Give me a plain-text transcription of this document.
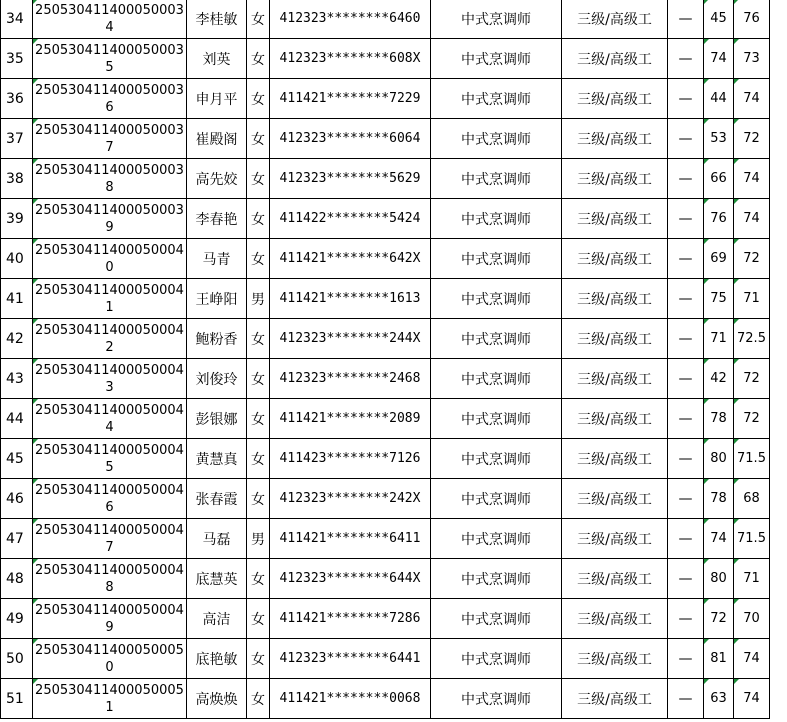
34	2505304114000500034	李桂敏	女	412323********6460	中式烹调师	三级/高级工	—	45	76
35	2505304114000500035	刘英	女	412323********608X	中式烹调师	三级/高级工	—	74	73
36	2505304114000500036	申月平	女	411421********7229	中式烹调师	三级/高级工	—	44	74
37	2505304114000500037	崔殿阁	女	412323********6064	中式烹调师	三级/高级工	—	53	72
38	2505304114000500038	高先姣	女	412323********5629	中式烹调师	三级/高级工	—	66	74
39	2505304114000500039	李春艳	女	411422********5424	中式烹调师	三级/高级工	—	76	74
40	2505304114000500040	马青	女	411421********642X	中式烹调师	三级/高级工	—	69	72
41	2505304114000500041	王峥阳	男	411421********1613	中式烹调师	三级/高级工	—	75	71
42	2505304114000500042	鲍粉香	女	412323********244X	中式烹调师	三级/高级工	—	71	72.5
43	2505304114000500043	刘俊玲	女	412323********2468	中式烹调师	三级/高级工	—	42	72
44	2505304114000500044	彭银娜	女	411421********2089	中式烹调师	三级/高级工	—	78	72
45	2505304114000500045	黄慧真	女	411423********7126	中式烹调师	三级/高级工	—	80	71.5
46	2505304114000500046	张春霞	女	412323********242X	中式烹调师	三级/高级工	—	78	68
47	2505304114000500047	马磊	男	411421********6411	中式烹调师	三级/高级工	—	74	71.5
48	2505304114000500048	底慧英	女	412323********644X	中式烹调师	三级/高级工	—	80	71
49	2505304114000500049	高洁	女	411421********7286	中式烹调师	三级/高级工	—	72	70
50	2505304114000500050	底艳敏	女	412323********6441	中式烹调师	三级/高级工	—	81	74
51	2505304114000500051	高焕焕	女	411421********0068	中式烹调师	三级/高级工	—	63	74
